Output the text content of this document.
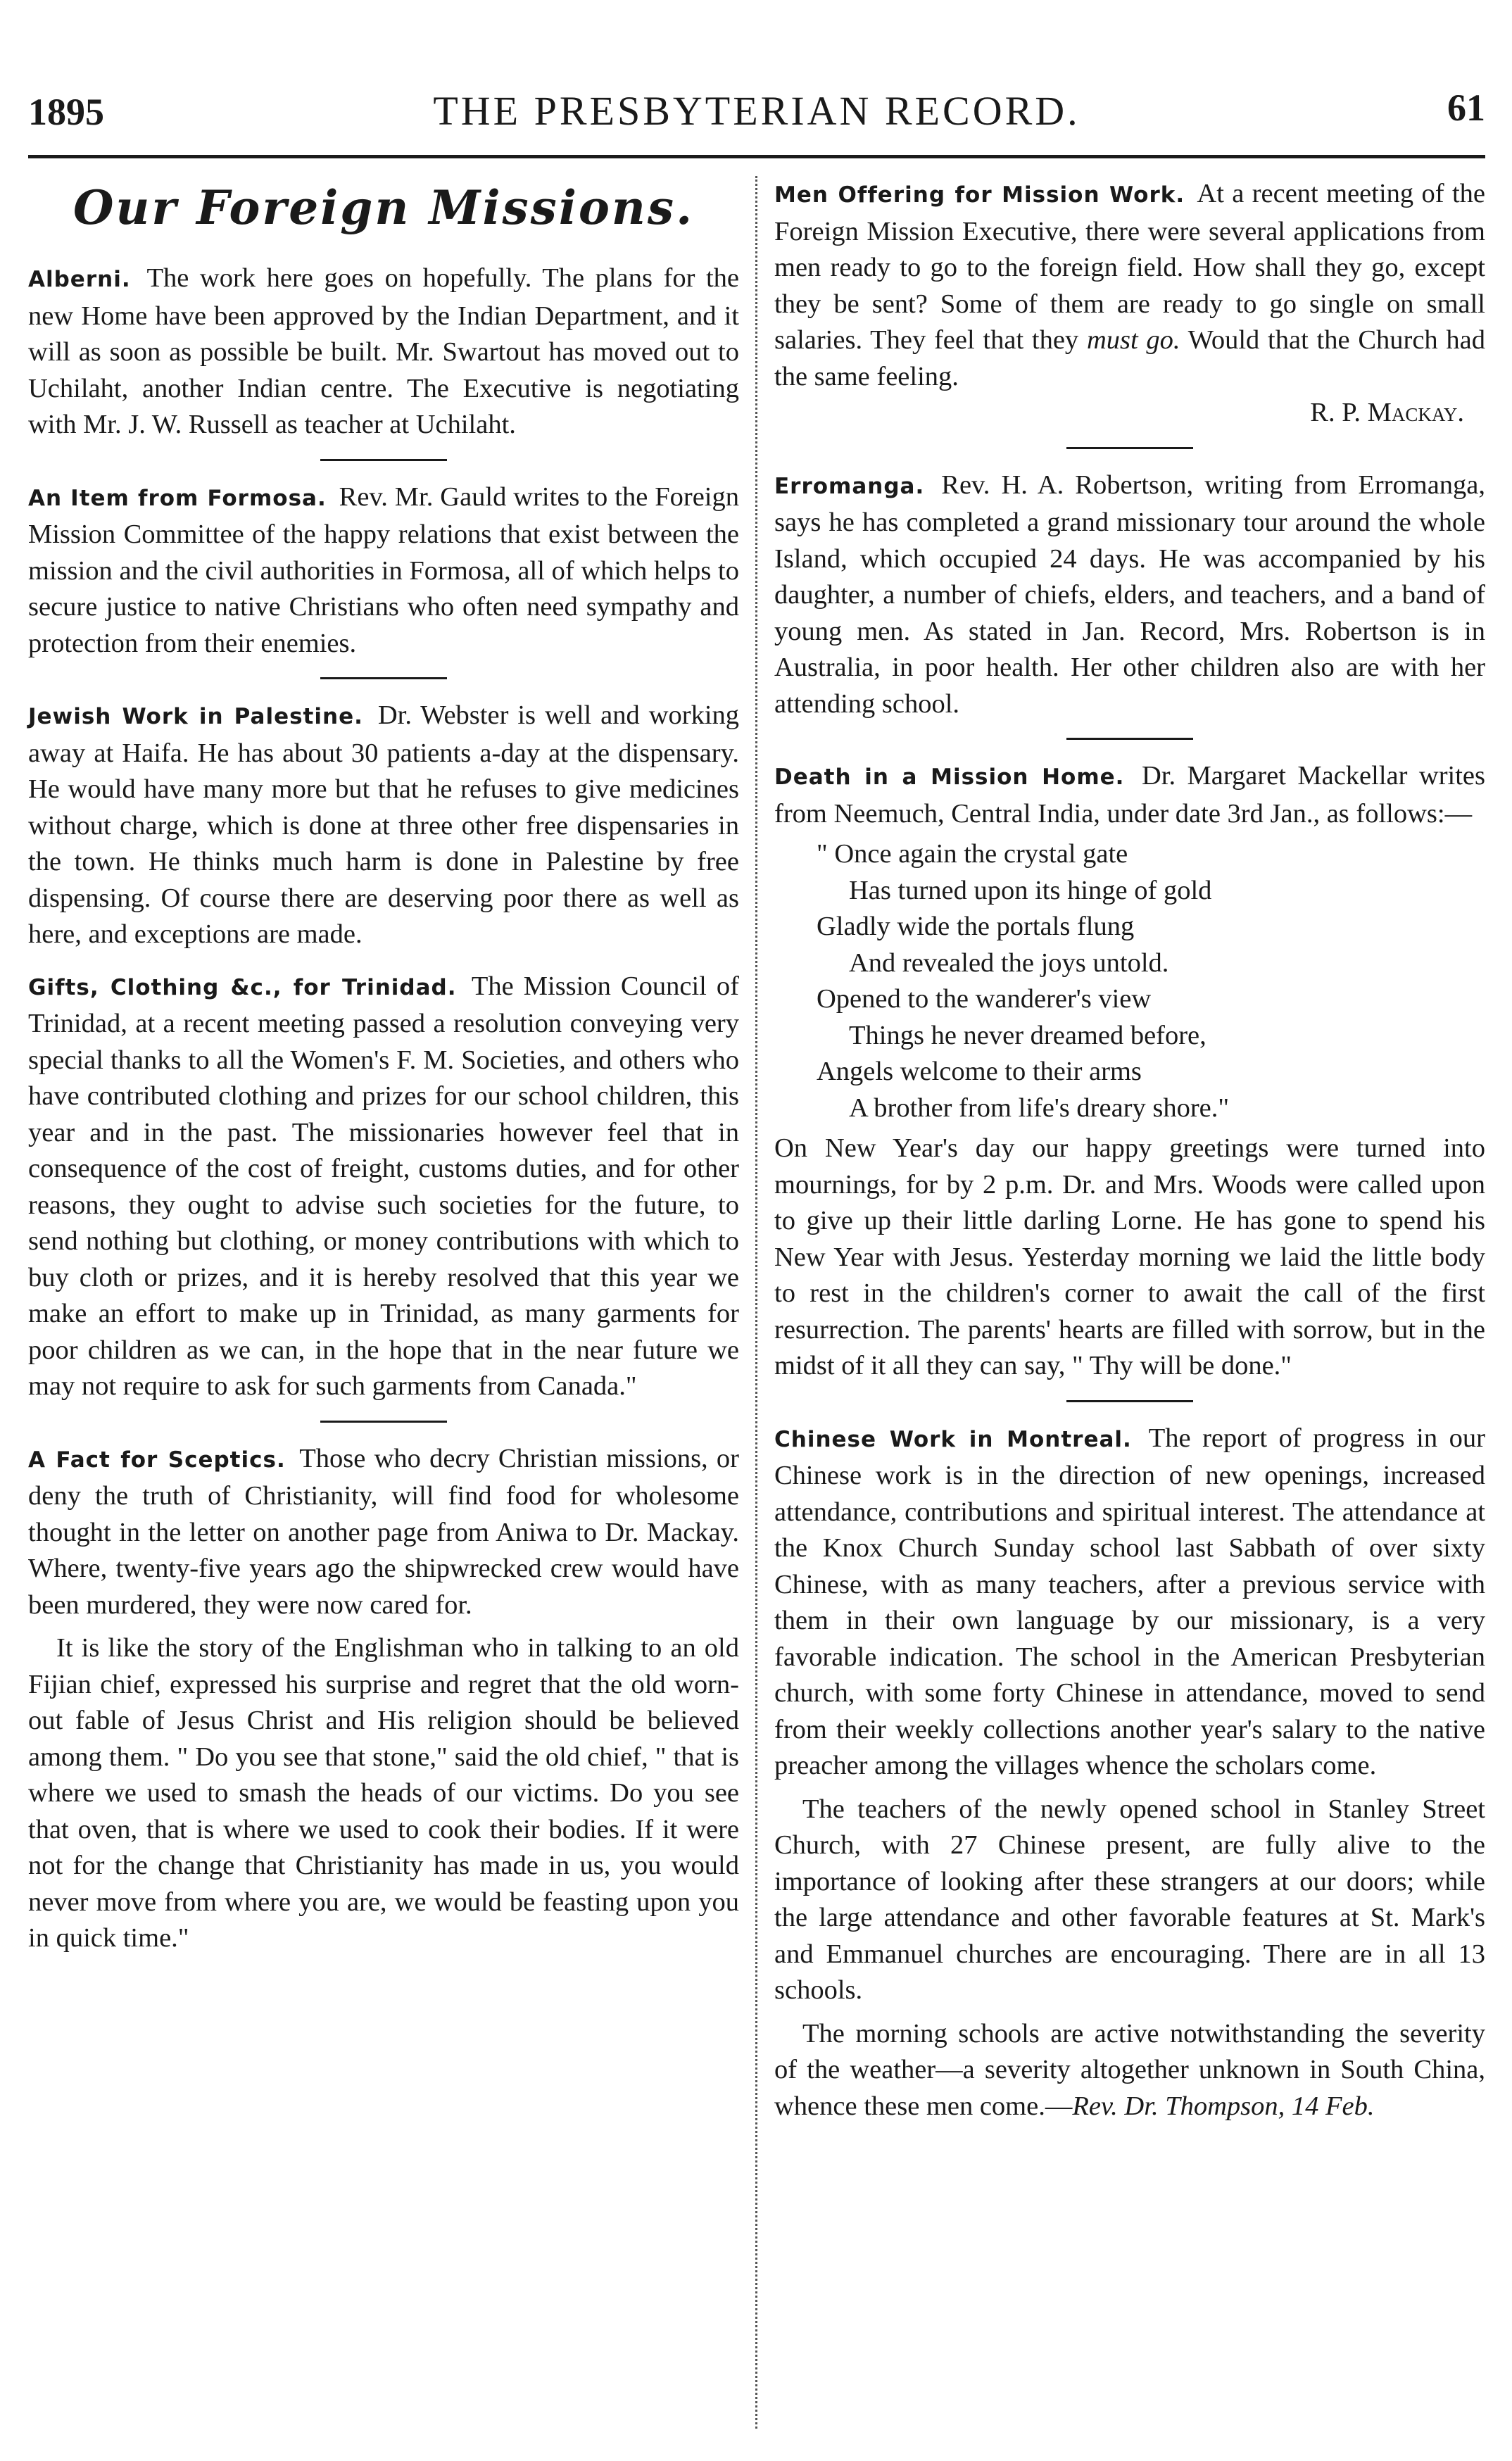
1895	THE PRESBYTERIAN RECORD.	61
Our Foreign Missions.

Alberni. The work here goes on hopefully. The plans for the new Home have been approved by the Indian Department, and it will as soon as possible be built. Mr. Swartout has moved out to Uchilaht, another Indian centre. The Executive is negotiating with Mr. J. W. Russell as teacher at Uchilaht.

An Item from Formosa. Rev. Mr. Gauld writes to the Foreign Mission Committee of the happy relations that exist between the mission and the civil authorities in Formosa, all of which helps to secure justice to native Christians who often need sympathy and protection from their enemies.

Jewish Work in Palestine. Dr. Webster is well and working away at Haifa. He has about 30 patients a-day at the dispensary. He would have many more but that he refuses to give medicines without charge, which is done at three other free dispensaries in the town. He thinks much harm is done in Palestine by free dispensing. Of course there are deserving poor there as well as here, and exceptions are made.

Gifts, Clothing &c., for Trinidad. The Mission Council of Trinidad, at a recent meeting passed a resolution conveying very special thanks to all the Women's F. M. Societies, and others who have contributed clothing and prizes for our school children, this year and in the past. The missionaries however feel that in consequence of the cost of freight, customs duties, and for other reasons, they ought to advise such societies for the future, to send nothing but clothing, or money contributions with which to buy cloth or prizes, and it is hereby resolved that this year we make an effort to make up in Trinidad, as many garments for poor children as we can, in the hope that in the near future we may not require to ask for such garments from Canada."

A Fact for Sceptics. Those who decry Christian missions, or deny the truth of Christianity, will find food for wholesome thought in the letter on another page from Aniwa to Dr. Mackay. Where, twenty-five years ago the shipwrecked crew would have been murdered, they were now cared for.

It is like the story of the Englishman who in talking to an old Fijian chief, expressed his surprise and regret that the old worn-out fable of Jesus Christ and His religion should be believed among them. " Do you see that stone," said the old chief, " that is where we used to smash the heads of our victims. Do you see that oven, that is where we used to cook their bodies. If it were not for the change that Christianity has made in us, you would never move from where you are, we would be feasting upon you in quick time."

Men Offering for Mission Work. At a recent meeting of the Foreign Mission Executive, there were several applications from men ready to go to the foreign field. How shall they go, except they be sent? Some of them are ready to go single on small salaries. They feel that they must go. Would that the Church had the same feeling.

R. P. Mackay.

Erromanga. Rev. H. A. Robertson, writing from Erromanga, says he has completed a grand missionary tour around the whole Island, which occupied 24 days. He was accompanied by his daughter, a number of chiefs, elders, and teachers, and a band of young men. As stated in Jan. Record, Mrs. Robertson is in Australia, in poor health. Her other children also are with her attending school.

Death in a Mission Home. Dr. Margaret Mackellar writes from Neemuch, Central India, under date 3rd Jan., as follows:—

" Once again the crystal gate
Has turned upon its hinge of gold
Gladly wide the portals flung
And revealed the joys untold.
Opened to the wanderer's view
Things he never dreamed before,
Angels welcome to their arms
A brother from life's dreary shore."

On New Year's day our happy greetings were turned into mournings, for by 2 p.m. Dr. and Mrs. Woods were called upon to give up their little darling Lorne. He has gone to spend his New Year with Jesus. Yesterday morning we laid the little body to rest in the children's corner to await the call of the first resurrection. The parents' hearts are filled with sorrow, but in the midst of it all they can say, " Thy will be done."

Chinese Work in Montreal. The report of progress in our Chinese work is in the direction of new openings, increased attendance, contributions and spiritual interest. The attendance at the Knox Church Sunday school last Sabbath of over sixty Chinese, with as many teachers, after a previous service with them in their own language by our missionary, is a very favorable indication. The school in the American Presbyterian church, with some forty Chinese in attendance, moved to send from their weekly collections another year's salary to the native preacher among the villages whence the scholars come.

The teachers of the newly opened school in Stanley Street Church, with 27 Chinese present, are fully alive to the importance of looking after these strangers at our doors; while the large attendance and other favorable features at St. Mark's and Emmanuel churches are encouraging. There are in all 13 schools.

The morning schools are active notwithstanding the severity of the weather—a severity altogether unknown in South China, whence these men come.—Rev. Dr. Thompson, 14 Feb.
